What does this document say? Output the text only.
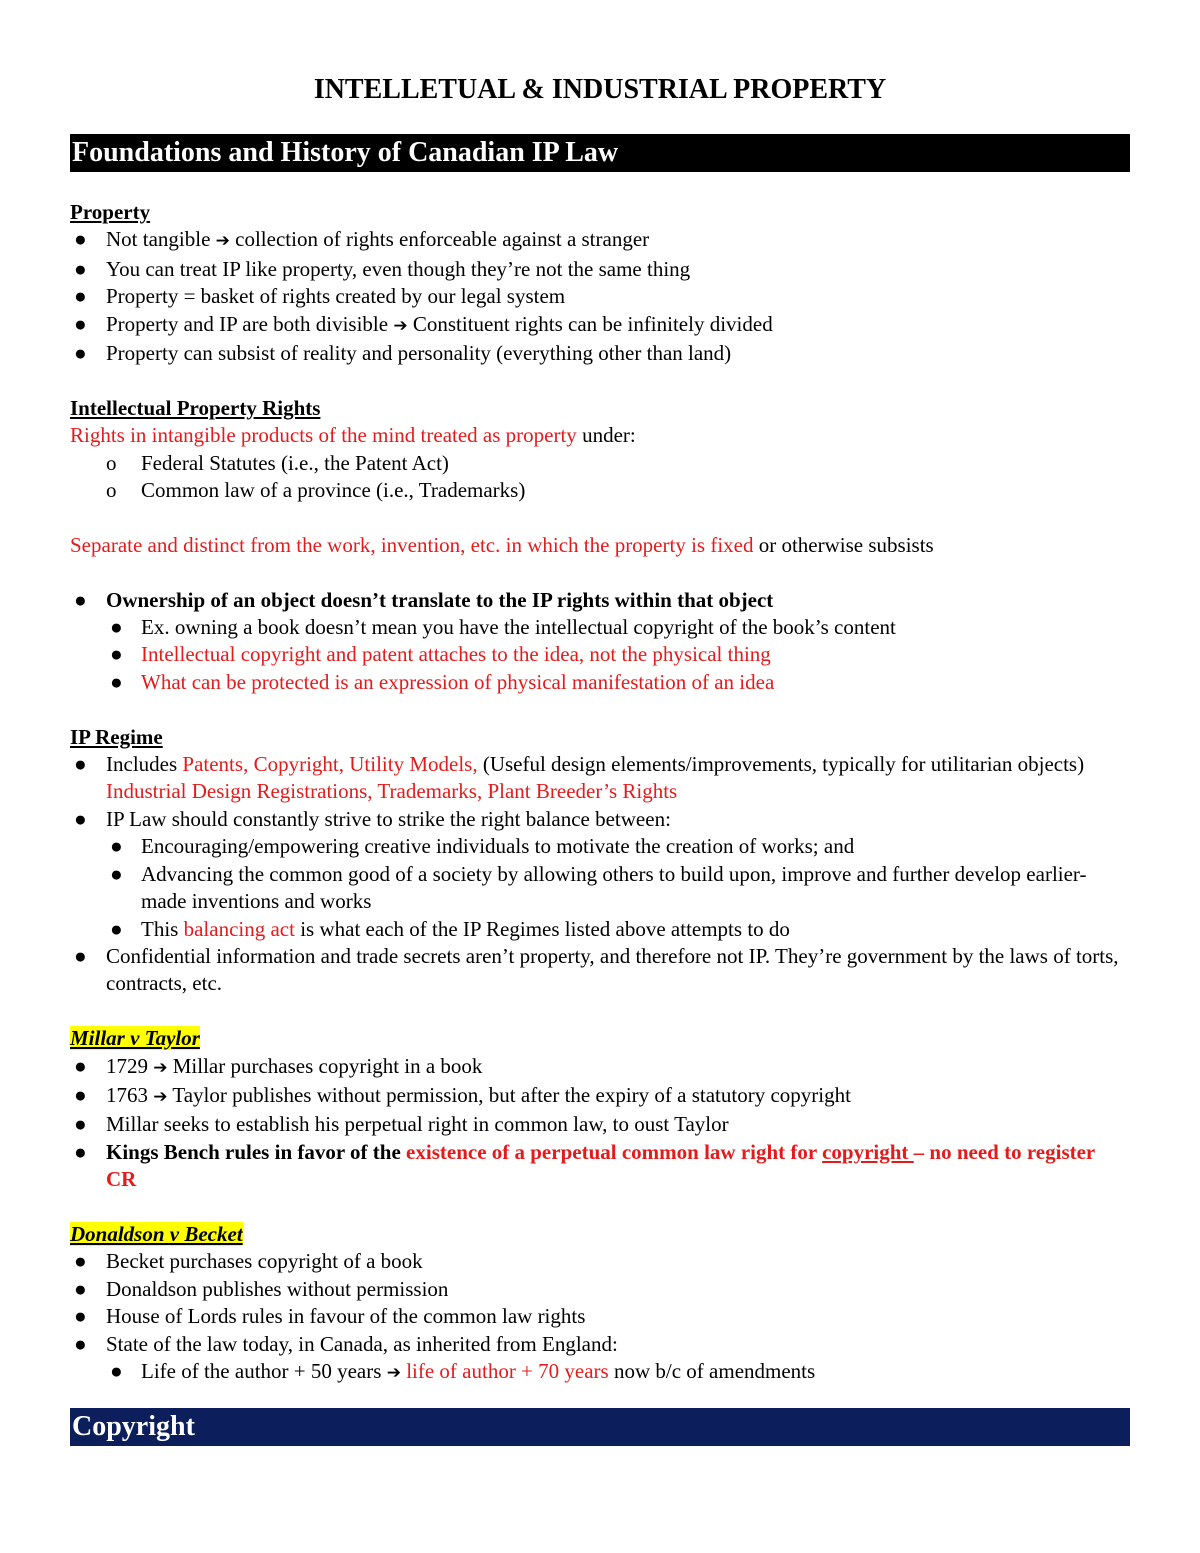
INTELLETUAL & INDUSTRIAL PROPERTY
Foundations and History of Canadian IP Law

Property

● Not tangible ➔ collection of rights enforceable against a stranger
● You can treat IP like property, even though they’re not the same thing
● Property = basket of rights created by our legal system
● Property and IP are both divisible ➔ Constituent rights can be infinitely divided
● Property can subsist of reality and personality (everything other than land)

Intellectual Property Rights

Rights in intangible products of the mind treated as property under:

o Federal Statutes (i.e., the Patent Act)
o Common law of a province (i.e., Trademarks)

Separate and distinct from the work, invention, etc. in which the property is fixed or otherwise subsists

● Ownership of an object doesn’t translate to the IP rights within that object
● Ex. owning a book doesn’t mean you have the intellectual copyright of the book’s content
● Intellectual copyright and patent attaches to the idea, not the physical thing
● What can be protected is an expression of physical manifestation of an idea

IP Regime

● Includes Patents, Copyright, Utility Models, (Useful design elements/improvements, typically for utilitarian objects) Industrial Design Registrations, Trademarks, Plant Breeder’s Rights
● IP Law should constantly strive to strike the right balance between:
● Encouraging/empowering creative individuals to motivate the creation of works; and
● Advancing the common good of a society by allowing others to build upon, improve and further develop earlier-made inventions and works
● This balancing act is what each of the IP Regimes listed above attempts to do
● Confidential information and trade secrets aren’t property, and therefore not IP. They’re government by the laws of torts, contracts, etc.

Millar v Taylor

● 1729 ➔ Millar purchases copyright in a book
● 1763 ➔ Taylor publishes without permission, but after the expiry of a statutory copyright
● Millar seeks to establish his perpetual right in common law, to oust Taylor
● Kings Bench rules in favor of the existence of a perpetual common law right for copyright – no need to register CR

Donaldson v Becket

● Becket purchases copyright of a book
● Donaldson publishes without permission
● House of Lords rules in favour of the common law rights
● State of the law today, in Canada, as inherited from England:
● Life of the author + 50 years ➔ life of author + 70 years now b/c of amendments
Copyright
